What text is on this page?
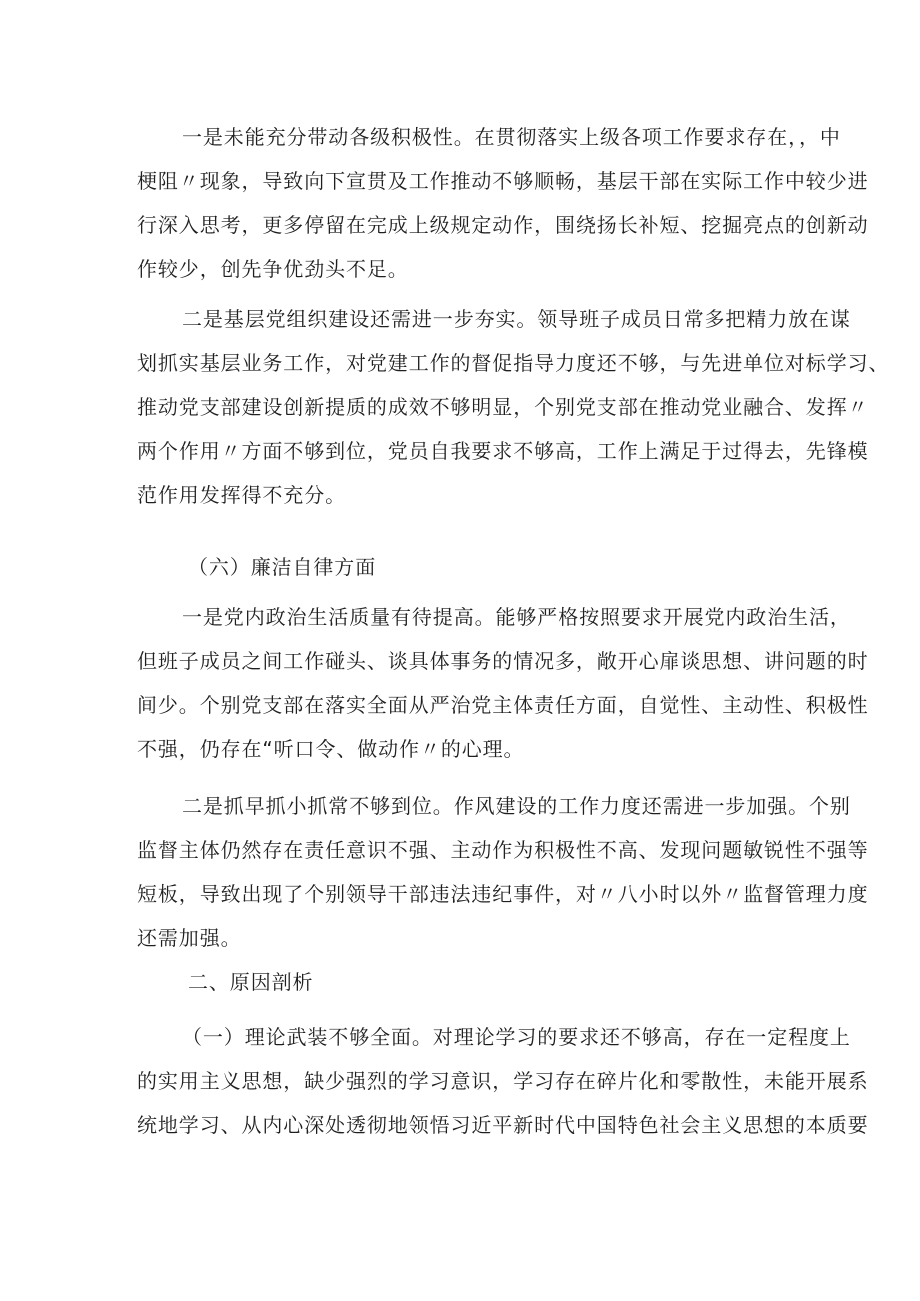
一是未能充分带动各级积极性。在贯彻落实上级各项工作要求存在，，中
梗阻〃现象，导致向下宣贯及工作推动不够顺畅，基层干部在实际工作中较少进
行深入思考，更多停留在完成上级规定动作，围绕扬长补短、挖掘亮点的创新动
作较少，创先争优劲头不足。
二是基层党组织建设还需进一步夯实。领导班子成员日常多把精力放在谋
划抓实基层业务工作，对党建工作的督促指导力度还不够，与先进单位对标学习、
推动党支部建设创新提质的成效不够明显，个别党支部在推动党业融合、发挥〃
两个作用〃方面不够到位，党员自我要求不够高，工作上满足于过得去，先锋模
范作用发挥得不充分。
（六）廉洁自律方面
一是党内政治生活质量有待提高。能够严格按照要求开展党内政治生活，
但班子成员之间工作碰头、谈具体事务的情况多，敞开心扉谈思想、讲问题的时
间少。个别党支部在落实全面从严治党主体责任方面，自觉性、主动性、积极性
不强，仍存在“听口令、做动作〃的心理。
二是抓早抓小抓常不够到位。作风建设的工作力度还需进一步加强。个别
监督主体仍然存在责任意识不强、主动作为积极性不高、发现问题敏锐性不强等
短板，导致出现了个别领导干部违法违纪事件，对〃八小时以外〃监督管理力度
还需加强。
二、原因剖析
（一）理论武装不够全面。对理论学习的要求还不够高，存在一定程度上
的实用主义思想，缺少强烈的学习意识，学习存在碎片化和零散性，未能开展系
统地学习、从内心深处透彻地领悟习近平新时代中国特色社会主义思想的本质要
